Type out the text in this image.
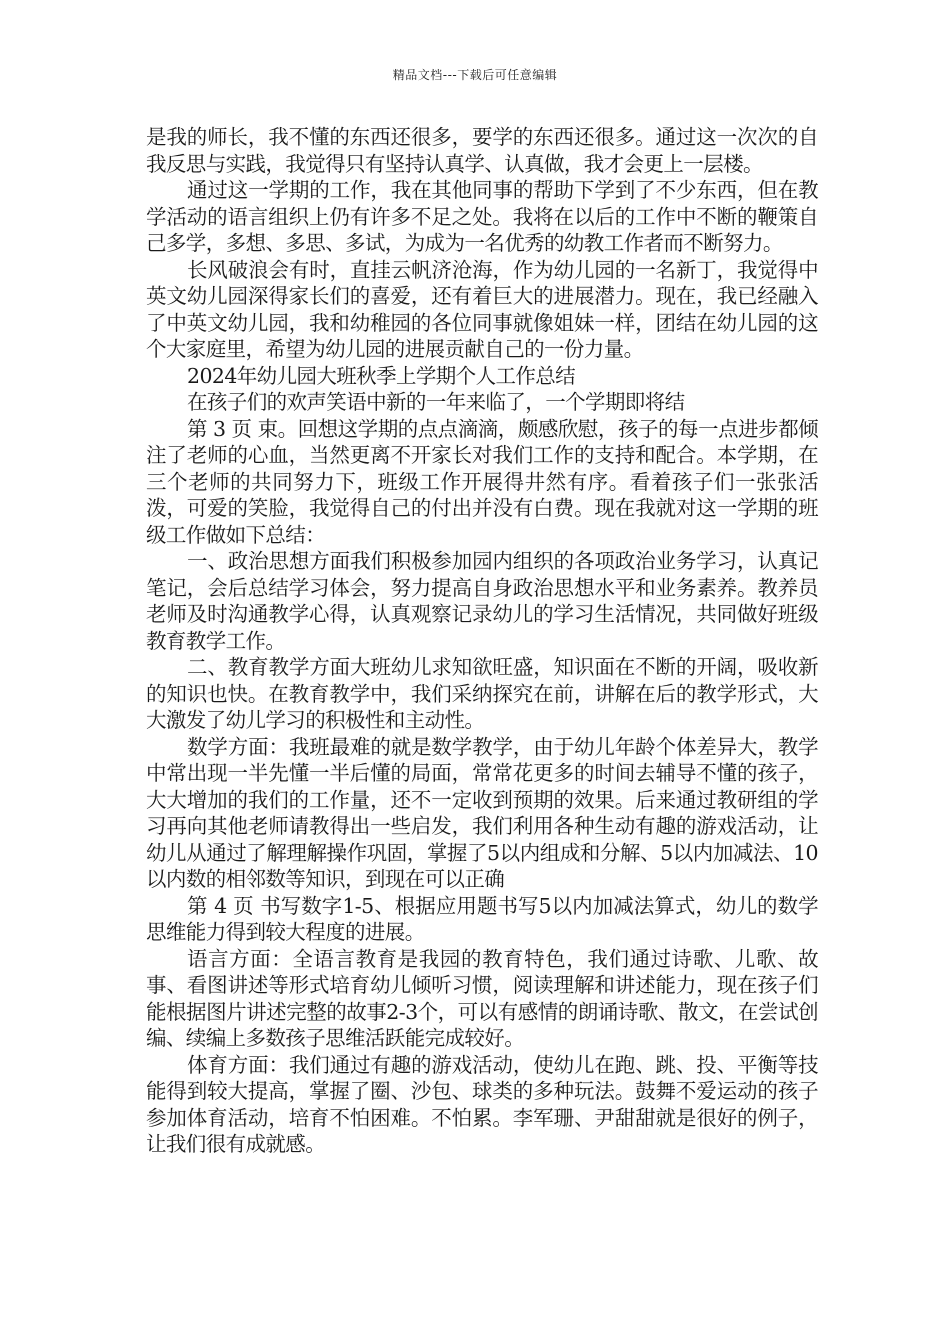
精品文档---下载后可任意编辑

是我的师长，我不懂的东西还很多，要学的东西还很多。通过这一次次的自我反思与实践，我觉得只有坚持认真学、认真做，我才会更上一层楼。

通过这一学期的工作，我在其他同事的帮助下学到了不少东西，但在教学活动的语言组织上仍有许多不足之处。我将在以后的工作中不断的鞭策自己多学，多想、多思、多试，为成为一名优秀的幼教工作者而不断努力。

长风破浪会有时，直挂云帆济沧海，作为幼儿园的一名新丁，我觉得中英文幼儿园深得家长们的喜爱，还有着巨大的进展潜力。现在，我已经融入了中英文幼儿园，我和幼稚园的各位同事就像姐妹一样，团结在幼儿园的这个大家庭里，希望为幼儿园的进展贡献自己的一份力量。

2024年幼儿园大班秋季上学期个人工作总结

在孩子们的欢声笑语中新的一年来临了，一个学期即将结

第 3 页 束。回想这学期的点点滴滴，颇感欣慰，孩子的每一点进步都倾注了老师的心血，当然更离不开家长对我们工作的支持和配合。本学期，在三个老师的共同努力下，班级工作开展得井然有序。看着孩子们一张张活泼，可爱的笑脸，我觉得自己的付出并没有白费。现在我就对这一学期的班级工作做如下总结：

一、政治思想方面我们积极参加园内组织的各项政治业务学习，认真记笔记，会后总结学习体会，努力提高自身政治思想水平和业务素养。教养员老师及时沟通教学心得，认真观察记录幼儿的学习生活情况，共同做好班级教育教学工作。

二、教育教学方面大班幼儿求知欲旺盛，知识面在不断的开阔，吸收新的知识也快。在教育教学中，我们采纳探究在前，讲解在后的教学形式，大大激发了幼儿学习的积极性和主动性。

数学方面：我班最难的就是数学教学，由于幼儿年龄个体差异大，教学中常出现一半先懂一半后懂的局面，常常花更多的时间去辅导不懂的孩子，大大增加的我们的工作量，还不一定收到预期的效果。后来通过教研组的学习再向其他老师请教得出一些启发，我们利用各种生动有趣的游戏活动，让幼儿从通过了解理解操作巩固，掌握了5以内组成和分解、5以内加减法、10以内数的相邻数等知识，到现在可以正确

第 4 页 书写数字1-5、根据应用题书写5以内加减法算式，幼儿的数学思维能力得到较大程度的进展。

语言方面：全语言教育是我园的教育特色，我们通过诗歌、儿歌、故事、看图讲述等形式培育幼儿倾听习惯，阅读理解和讲述能力，现在孩子们能根据图片讲述完整的故事2-3个，可以有感情的朗诵诗歌、散文，在尝试创编、续编上多数孩子思维活跃能完成较好。

体育方面：我们通过有趣的游戏活动，使幼儿在跑、跳、投、平衡等技能得到较大提高，掌握了圈、沙包、球类的多种玩法。鼓舞不爱运动的孩子参加体育活动，培育不怕困难。不怕累。李军珊、尹甜甜就是很好的例子，让我们很有成就感。
